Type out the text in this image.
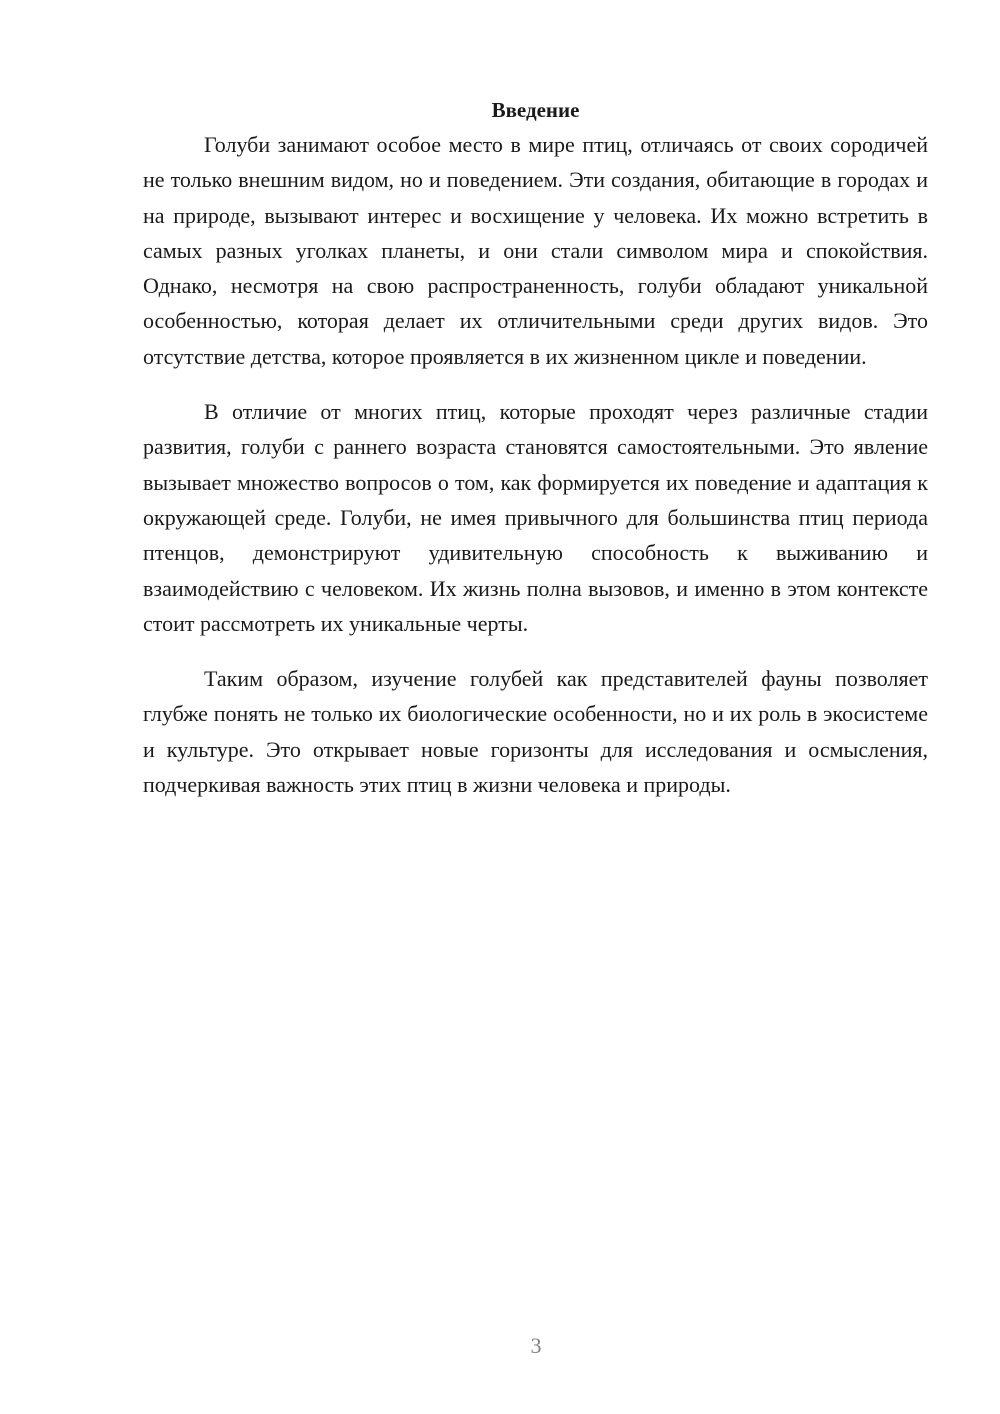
Введение

Голуби занимают особое место в мире птиц, отличаясь от своих сородичей не только внешним видом, но и поведением. Эти создания, обитающие в городах и на природе, вызывают интерес и восхищение у человека. Их можно встретить в самых разных уголках планеты, и они стали символом мира и спокойствия. Однако, несмотря на свою распространенность, голуби обладают уникальной особенностью, которая делает их отличительными среди других видов. Это отсутствие детства, которое проявляется в их жизненном цикле и поведении.

В отличие от многих птиц, которые проходят через различные стадии развития, голуби с раннего возраста становятся самостоятельными. Это явление вызывает множество вопросов о том, как формируется их поведение и адаптация к окружающей среде. Голуби, не имея привычного для большинства птиц периода птенцов, демонстрируют удивительную способность к выживанию и взаимодействию с человеком. Их жизнь полна вызовов, и именно в этом контексте стоит рассмотреть их уникальные черты.

Таким образом, изучение голубей как представителей фауны позволяет глубже понять не только их биологические особенности, но и их роль в экосистеме и культуре. Это открывает новые горизонты для исследования и осмысления, подчеркивая важность этих птиц в жизни человека и природы.

3
